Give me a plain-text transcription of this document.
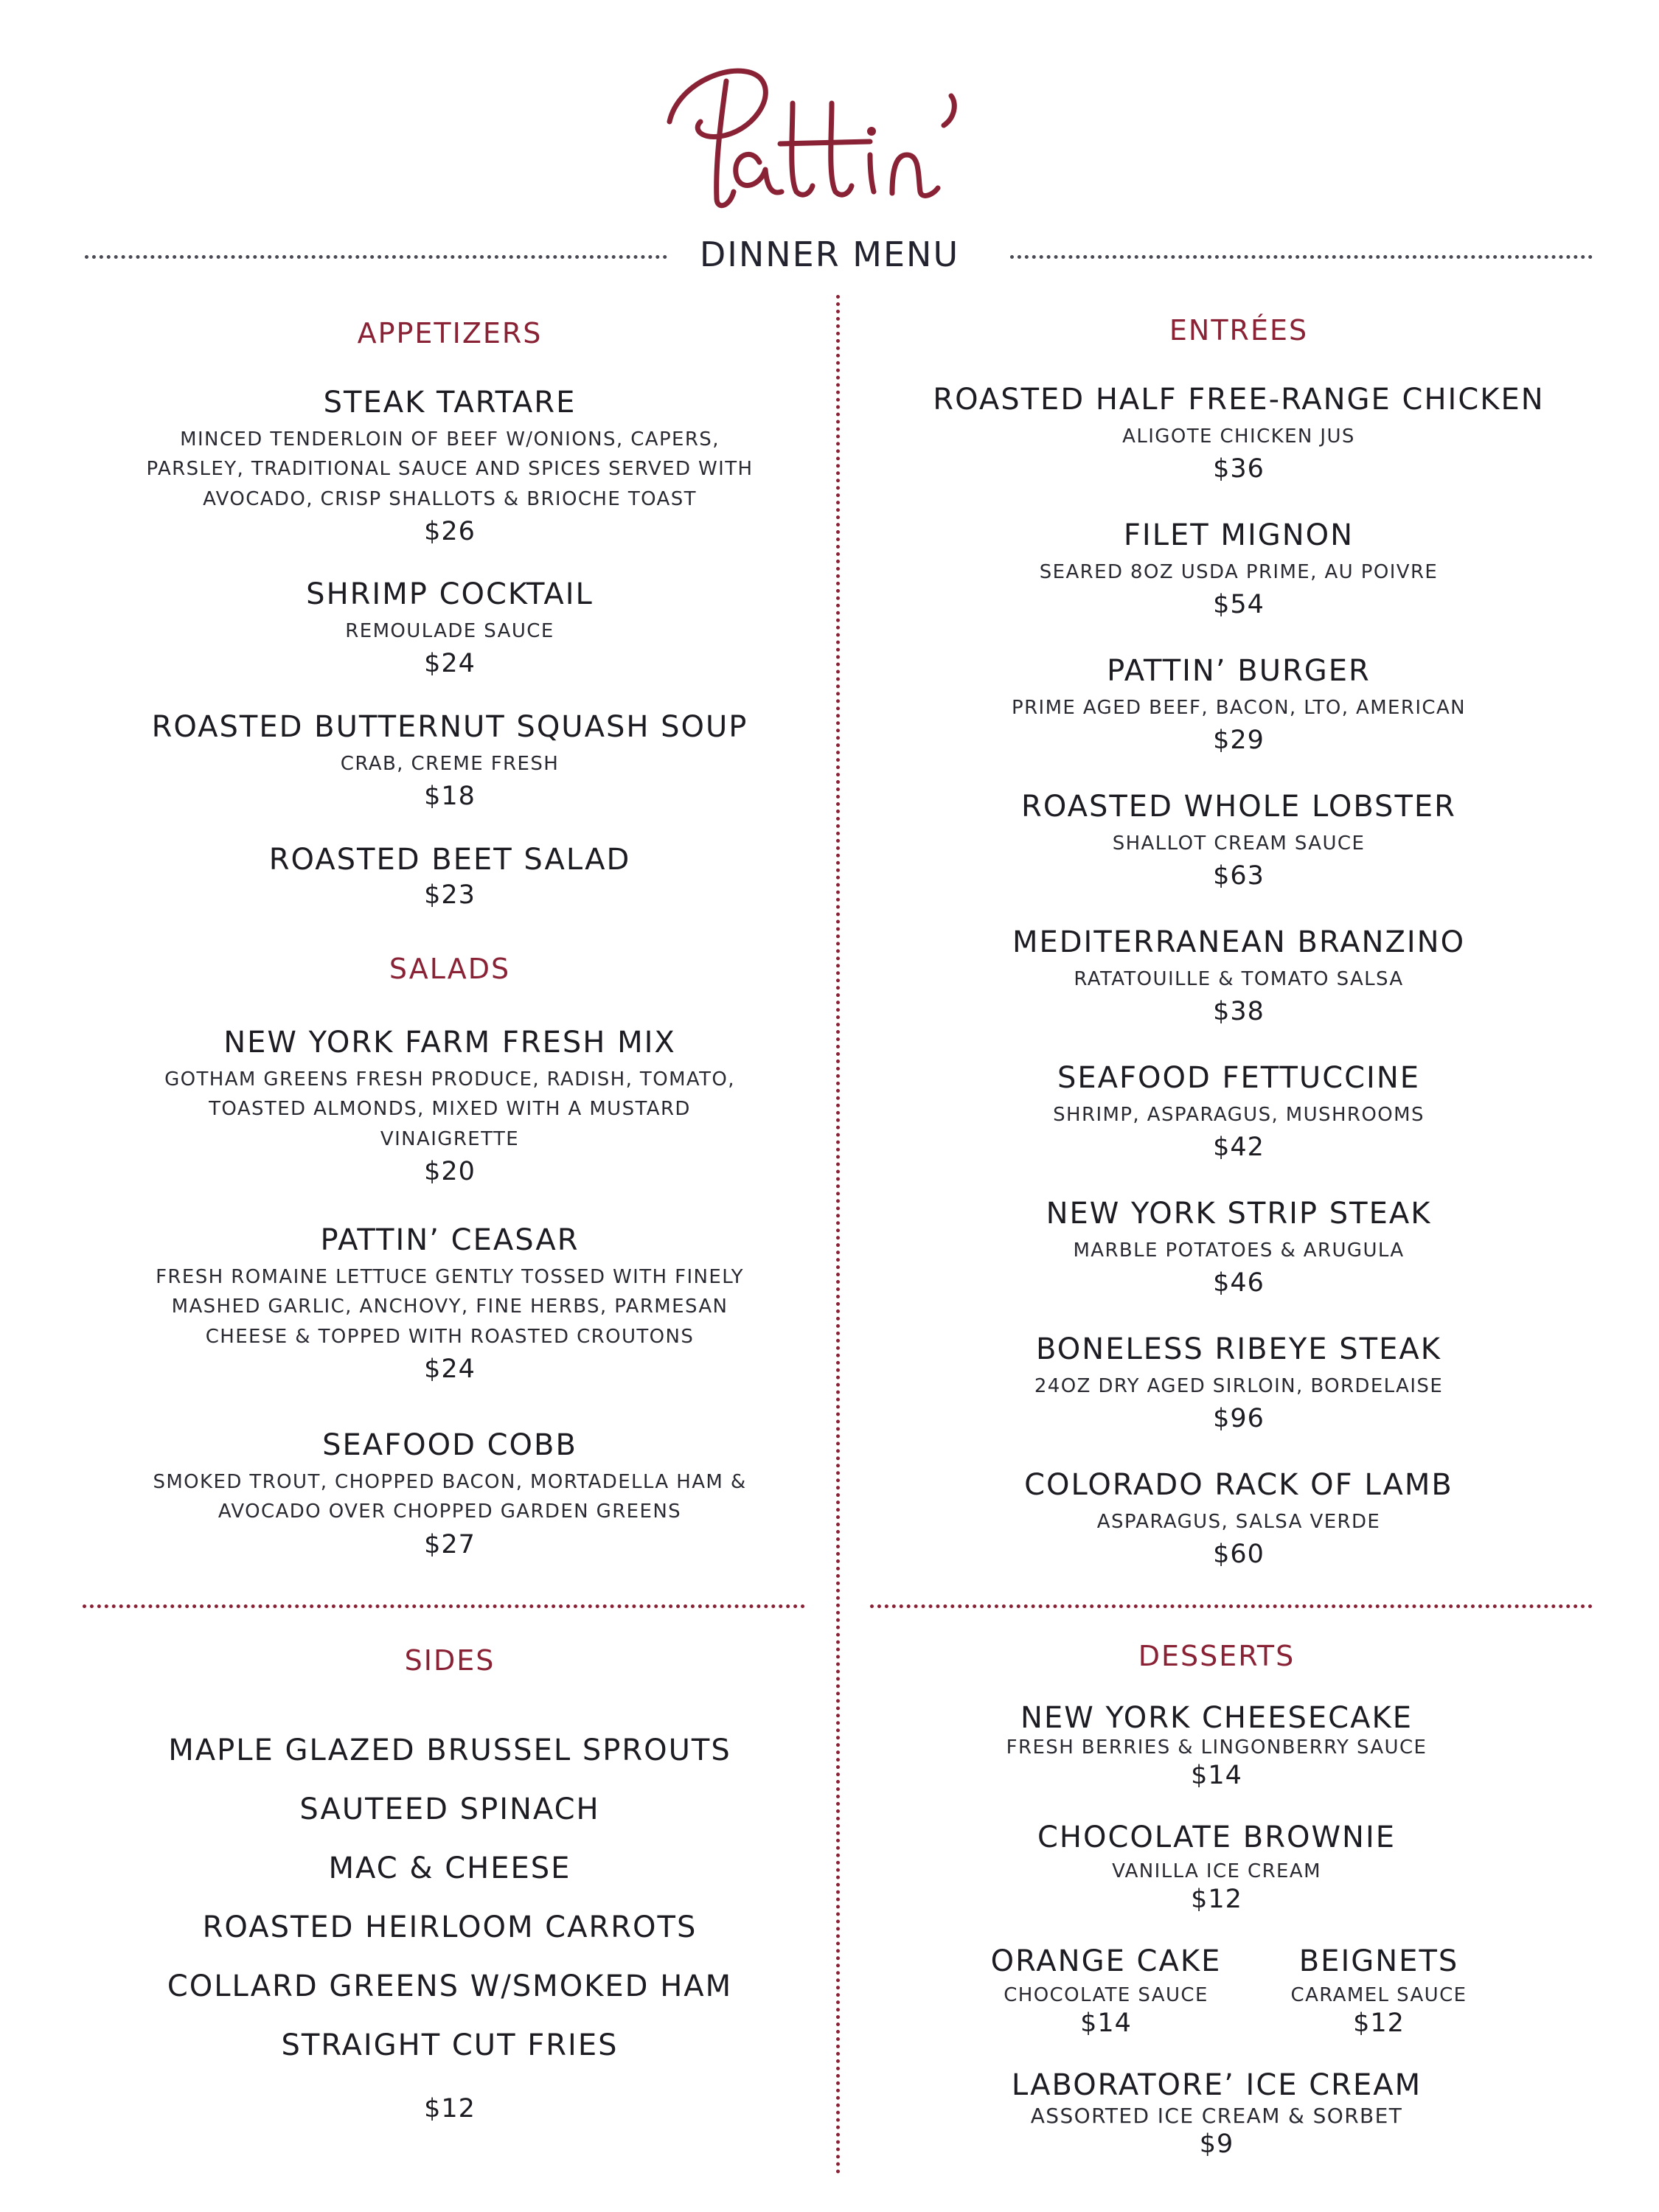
DINNER MENU
APPETIZERS
STEAK TARTARE
MINCED TENDERLOIN OF BEEF W/ONIONS, CAPERS, PARSLEY, TRADITIONAL SAUCE AND SPICES SERVED WITH AVOCADO, CRISP SHALLOTS & BRIOCHE TOAST
$26
SHRIMP COCKTAIL
REMOULADE SAUCE
$24
ROASTED BUTTERNUT SQUASH SOUP
CRAB, CREME FRESH
$18
ROASTED BEET SALAD
$23
SALADS
NEW YORK FARM FRESH MIX
GOTHAM GREENS FRESH PRODUCE, RADISH, TOMATO, TOASTED ALMONDS, MIXED WITH A MUSTARD VINAIGRETTE
$20
PATTIN’ CEASAR
FRESH ROMAINE LETTUCE GENTLY TOSSED WITH FINELY MASHED GARLIC, ANCHOVY, FINE HERBS, PARMESAN CHEESE & TOPPED WITH ROASTED CROUTONS
$24
SEAFOOD COBB
SMOKED TROUT, CHOPPED BACON, MORTADELLA HAM & AVOCADO OVER CHOPPED GARDEN GREENS
$27
ENTRÉES
ROASTED HALF FREE-RANGE CHICKEN
ALIGOTE CHICKEN JUS
$36
FILET MIGNON
SEARED 8OZ USDA PRIME, AU POIVRE
$54
PATTIN’ BURGER
PRIME AGED BEEF, BACON, LTO, AMERICAN
$29
ROASTED WHOLE LOBSTER
SHALLOT CREAM SAUCE
$63
MEDITERRANEAN BRANZINO
RATATOUILLE & TOMATO SALSA
$38
SEAFOOD FETTUCCINE
SHRIMP, ASPARAGUS, MUSHROOMS
$42
NEW YORK STRIP STEAK
MARBLE POTATOES & ARUGULA
$46
BONELESS RIBEYE STEAK
24OZ DRY AGED SIRLOIN, BORDELAISE
$96
COLORADO RACK OF LAMB
ASPARAGUS, SALSA VERDE
$60
SIDES
MAPLE GLAZED BRUSSEL SPROUTS
SAUTEED SPINACH
MAC & CHEESE
ROASTED HEIRLOOM CARROTS
COLLARD GREENS W/SMOKED HAM
STRAIGHT CUT FRIES
$12
DESSERTS
NEW YORK CHEESECAKE
FRESH BERRIES & LINGONBERRY SAUCE
$14
CHOCOLATE BROWNIE
VANILLA ICE CREAM
$12
ORANGE CAKE
CHOCOLATE SAUCE
$14
BEIGNETS
CARAMEL SAUCE
$12
LABORATORE’ ICE CREAM
ASSORTED ICE CREAM & SORBET
$9
